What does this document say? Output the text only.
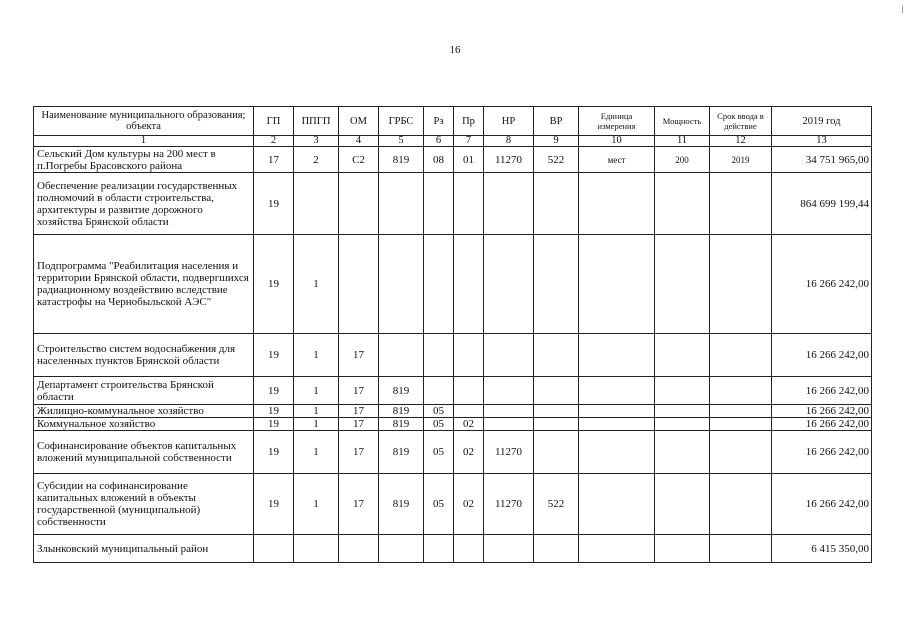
16
Наименование муниципального образования; объекта	ГП	ППГП	ОМ	ГРБС	Рз	Пр	НР	ВР	Единица измерения	Мощность	Срок ввода в действие	2019 год
1	2	3	4	5	6	7	8	9	10	11	12	13
Сельский Дом культуры на 200 мест в п.Погребы Брасовского района	17	2	С2	819	08	01	11270	522	мест	200	2019	34 751 965,00
Обеспечение реализации государственных полномочий в области строительства, архитектуры и развитие дорожного хозяйства Брянской области	19											864 699 199,44
Подпрограмма "Реабилитация населения и территории Брянской области, подвергшихся радиационному воздействию вследствие катастрофы на Чернобыльской АЭС"	19	1										16 266 242,00
Строительство систем водоснабжения для населенных пунктов Брянской области	19	1	17									16 266 242,00
Департамент строительства Брянской области	19	1	17	819								16 266 242,00
Жилищно-коммунальное хозяйство	19	1	17	819	05							16 266 242,00
Коммунальное хозяйство	19	1	17	819	05	02						16 266 242,00
Софинансирование объектов капитальных вложений муниципальной собственности	19	1	17	819	05	02	11270					16 266 242,00
Субсидии на софинансирование капитальных вложений в объекты государственной (муниципальной) собственности	19	1	17	819	05	02	11270	522				16 266 242,00
Злынковский муниципальный район												6 415 350,00
